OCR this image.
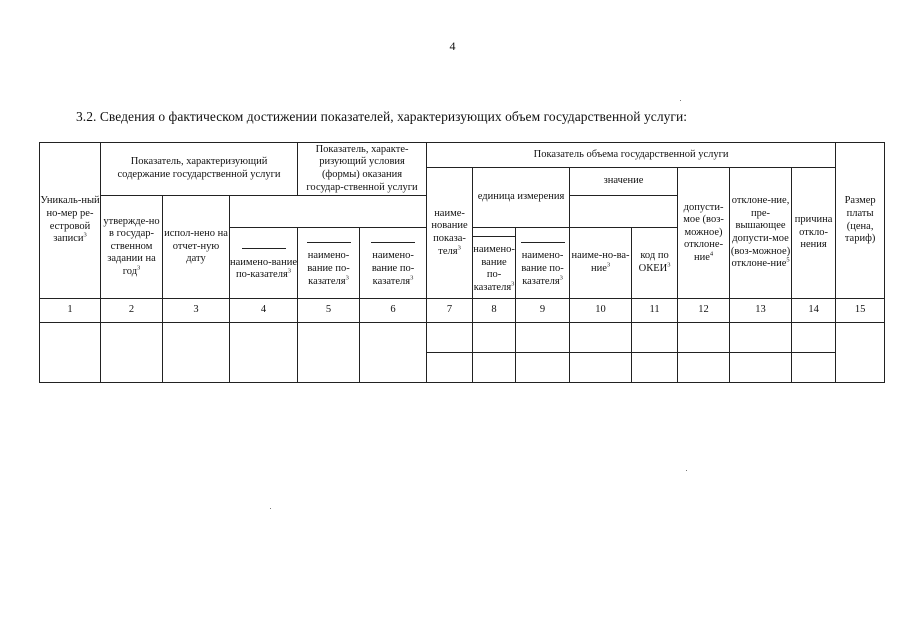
4
3.2. Сведения о фактическом достижении показателей, характеризующих объем государственной услуги:
Уникаль-ный но-мер ре-естровой записи$^3$	Показатель, характеризующий содержание государственной услуги			Показатель, характе-ризующий условия (формы) оказания государ-ственной услуги		Показатель объема государственной услуги								Размер платы (цена, тариф)
						наиме-нование показа-теля$^3$	единица измерения		значение		допусти-мое (воз-можное) отклоне-ние$^4$	отклоне-ние, пре-вышающее допусти-мое (воз-можное) отклоне-ние$^5$	причина откло-нения	
	утвержде-но в государ-ственном задании на год$^3$	испол-нено на отчет-ную дату												

			наимено-вание по-казателя$^3$	наимено-вание по-казателя$^3$	наимено-вание по-казателя$^3$		наимено-вание по-казателя$^3$	наимено-вание по-казателя$^3$	наиме-но-ва-ние$^3$	код по ОКЕИ$^3$
1	2	3	4	5	6	7	8	9	10	11	12	13	14	15
